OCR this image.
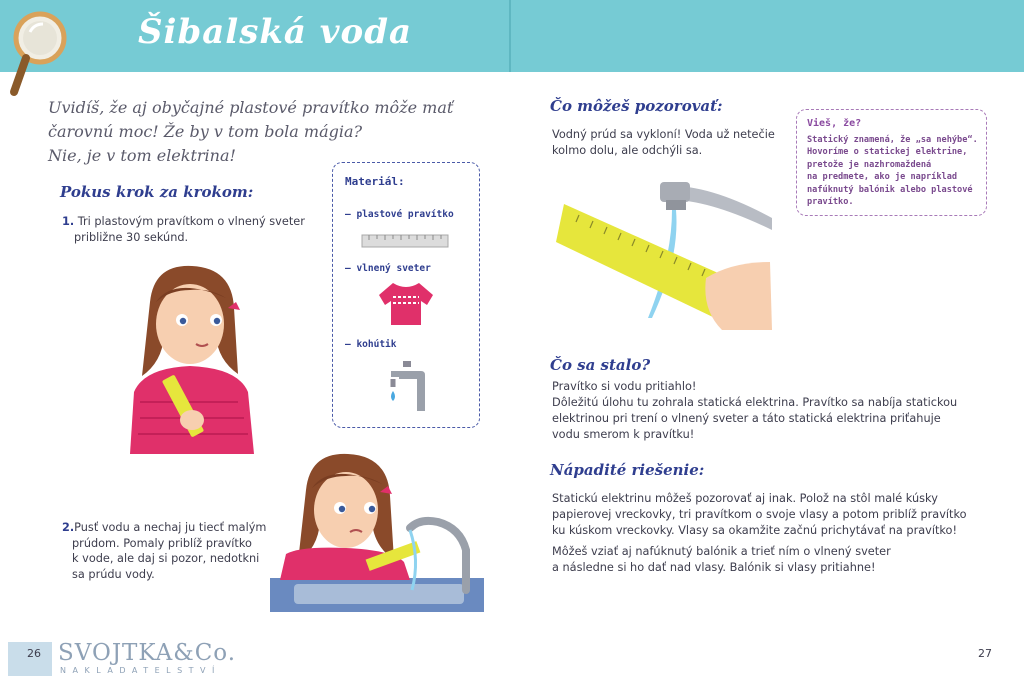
Šibalská voda
Uvidíš, že aj obyčajné plastové pravítko môže mať
čarovnú moc! Že by v tom bola mágia?
Nie, je v tom elektrina!
Pokus krok za krokom:
1. Tri plastovým pravítkom o vlnený sveter
približne 30 sekúnd.
Materiál:
– plastové pravítko
– vlnený sveter
– kohútik
2.Pusť vodu a nechaj ju tiecť malým
prúdom. Pomaly priblíž pravítko
k vode, ale daj si pozor, nedotkni
sa prúdu vody.
Čo môžeš pozorovať:
Vodný prúd sa vykloní! Voda už netečie
kolmo dolu, ale odchýli sa.
Vieš, že?
Statický znamená, že „sa nehýbe“.
Hovoríme o statickej elektrine,
pretože je nazhromaždená
na predmete, ako je napríklad
nafúknutý balónik alebo plastové
pravítko.
Čo sa stalo?
Pravítko si vodu pritiahlo!
Dôležitú úlohu tu zohrala statická elektrina. Pravítko sa nabíja statickou
elektrinou pri trení o vlnený sveter a táto statická elektrina priťahuje
vodu smerom k pravítku!
Nápadité riešenie:
Statickú elektrinu môžeš pozorovať aj inak. Polož na stôl malé kúsky
papierovej vreckovky, tri pravítkom o svoje vlasy a potom priblíž pravítko
ku kúskom vreckovky. Vlasy sa okamžite začnú prichytávať na pravítko!
Môžeš vziať aj nafúknutý balónik a trieť ním o vlnený sveter
a následne si ho dať nad vlasy. Balónik si vlasy pritiahne!
26 SVOJTKA&Co.
NAKLADATELSTVÍ
27
